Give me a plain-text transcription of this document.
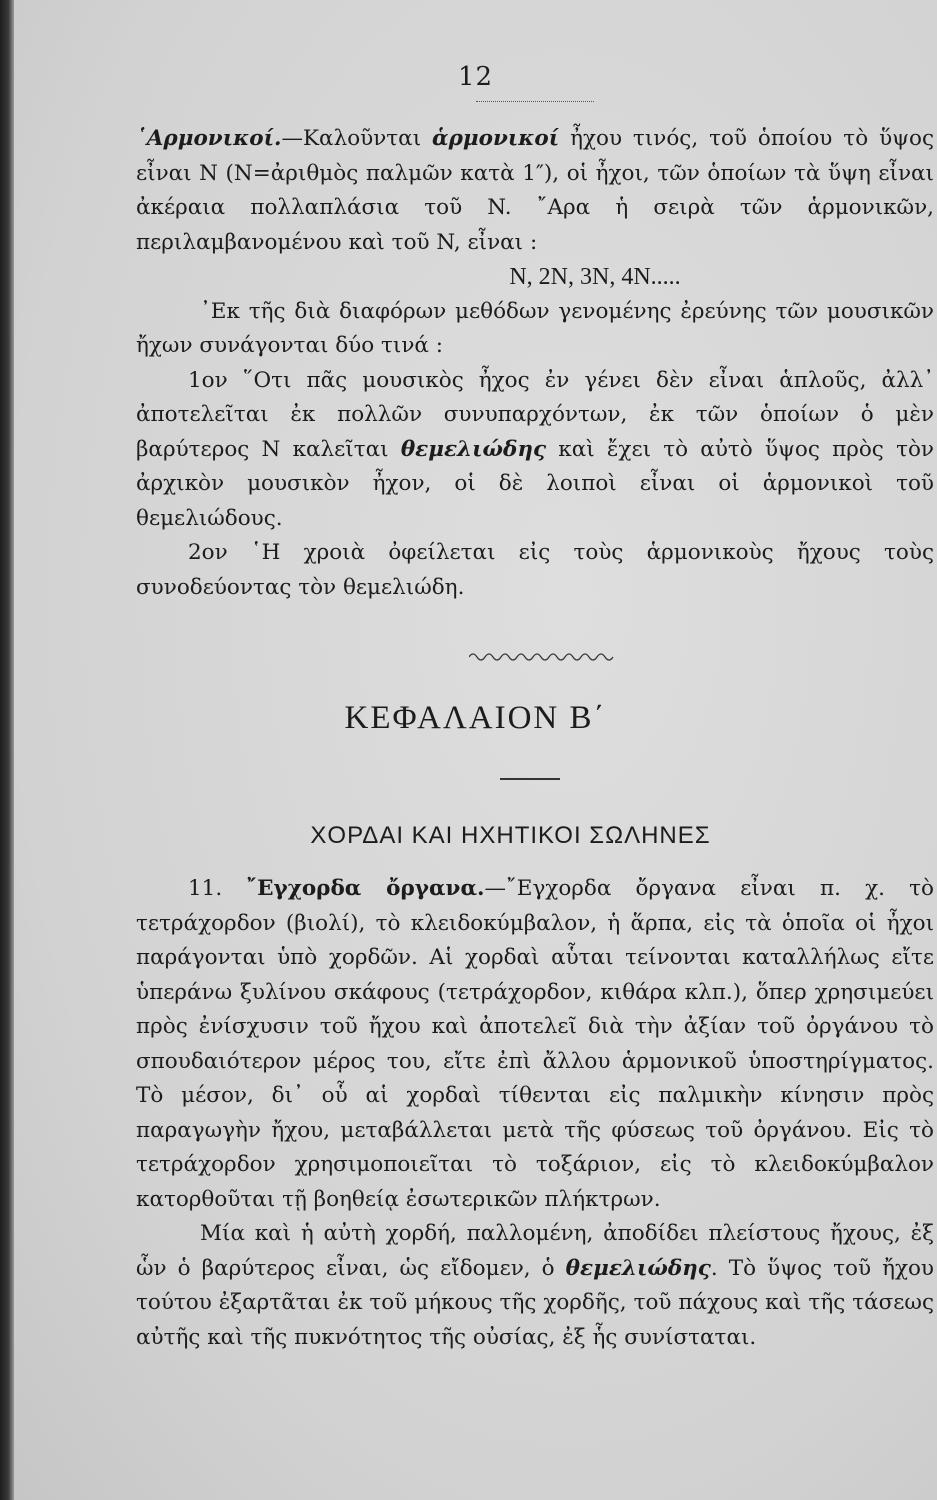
12

῾Αρμονικοί.—Καλοῦνται ἁρμονικοί ἦχου τινός, τοῦ ὁποίου τὸ ὕψος εἶναι N (N=ἀριθμὸς παλμῶν κατὰ 1″), οἱ ἦχοι, τῶν ὁποίων τὰ ὕψη εἶναι ἀκέραια πολλαπλάσια τοῦ N. ῎Αρα ἡ σειρὰ τῶν ἁρμονικῶν, περιλαμβανομένου καὶ τοῦ N, εἶναι :

N, 2N, 3N, 4N.....

᾿Εκ τῆς διὰ διαφόρων μεθόδων γενομένης ἐρεύνης τῶν μουσικῶν ἤχων συνάγονται δύο τινά :

1ον ῞Οτι πᾶς μουσικὸς ἦχος ἐν γένει δὲν εἶναι ἁπλοῦς, ἀλλ᾿ ἀποτελεῖται ἐκ πολλῶν συνυπαρχόντων, ἐκ τῶν ὁποίων ὁ μὲν βαρύτερος N καλεῖται θεμελιώδης καὶ ἔχει τὸ αὐτὸ ὕψος πρὸς τὸν ἀρχικὸν μουσικὸν ἦχον, οἱ δὲ λοιποὶ εἶναι οἱ ἁρμονικοὶ τοῦ θεμελιώδους.

2ον ῾Η χροιὰ ὀφείλεται εἰς τοὺς ἁρμονικοὺς ἤχους τοὺς συνοδεύοντας τὸν θεμελιώδη.

ΚΕΦΑΛΑΙΟΝ Β΄
ΧΟΡΔΑΙ ΚΑΙ ΗΧΗΤΙΚΟΙ ΣΩΛΗΝΕΣ

11. ῎Εγχορδα ὄργανα.—῎Εγχορδα ὄργανα εἶναι π. χ. τὸ τετράχορδον (βιολί), τὸ κλειδοκύμβαλον, ἡ ἅρπα, εἰς τὰ ὁποῖα οἱ ἦχοι παράγονται ὑπὸ χορδῶν. Αἱ χορδαὶ αὗται τείνονται καταλλήλως εἴτε ὑπεράνω ξυλίνου σκάφους (τετράχορδον, κιθάρα κλπ.), ὅπερ χρησιμεύει πρὸς ἐνίσχυσιν τοῦ ἤχου καὶ ἀποτελεῖ διὰ τὴν ἀξίαν τοῦ ὀργάνου τὸ σπουδαιότερον μέρος του, εἴτε ἐπὶ ἄλλου ἁρμονικοῦ ὑποστηρίγματος. Τὸ μέσον, δι᾿ οὗ αἱ χορδαὶ τίθενται εἰς παλμικὴν κίνησιν πρὸς παραγωγὴν ἤχου, μεταβάλλεται μετὰ τῆς φύσεως τοῦ ὀργάνου. Εἰς τὸ τετράχορδον χρησιμοποιεῖται τὸ τοξάριον, εἰς τὸ κλειδοκύμβαλον κατορθοῦται τῇ βοηθείᾳ ἐσωτερικῶν πλήκτρων.

Μία καὶ ἡ αὐτὴ χορδή, παλλομένη, ἀποδίδει πλείστους ἤχους, ἐξ ὧν ὁ βαρύτερος εἶναι, ὡς εἴδομεν, ὁ θεμελιώδης. Τὸ ὕψος τοῦ ἤχου τούτου ἐξαρτᾶται ἐκ τοῦ μήκους τῆς χορδῆς, τοῦ πάχους καὶ τῆς τάσεως αὐτῆς καὶ τῆς πυκνότητος τῆς οὐσίας, ἐξ ἧς συνίσταται.
